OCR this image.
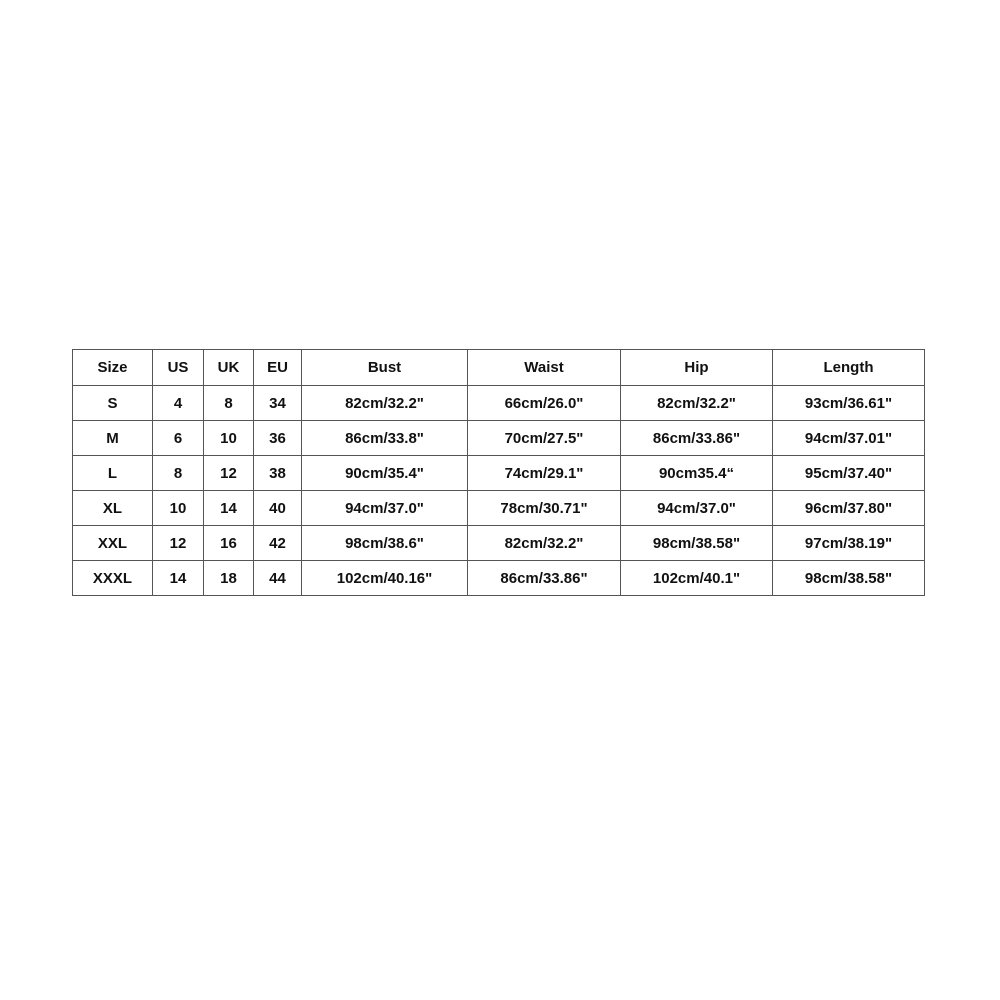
Size	US	UK	EU	Bust	Waist	Hip	Length
S	4	8	34	82cm/32.2"	66cm/26.0"	82cm/32.2"	93cm/36.61"
M	6	10	36	86cm/33.8"	70cm/27.5"	86cm/33.86"	94cm/37.01"
L	8	12	38	90cm/35.4"	74cm/29.1"	90cm35.4“	95cm/37.40"
XL	10	14	40	94cm/37.0"	78cm/30.71"	94cm/37.0"	96cm/37.80"
XXL	12	16	42	98cm/38.6"	82cm/32.2"	98cm/38.58"	97cm/38.19"
XXXL	14	18	44	102cm/40.16"	86cm/33.86"	102cm/40.1"	98cm/38.58"
